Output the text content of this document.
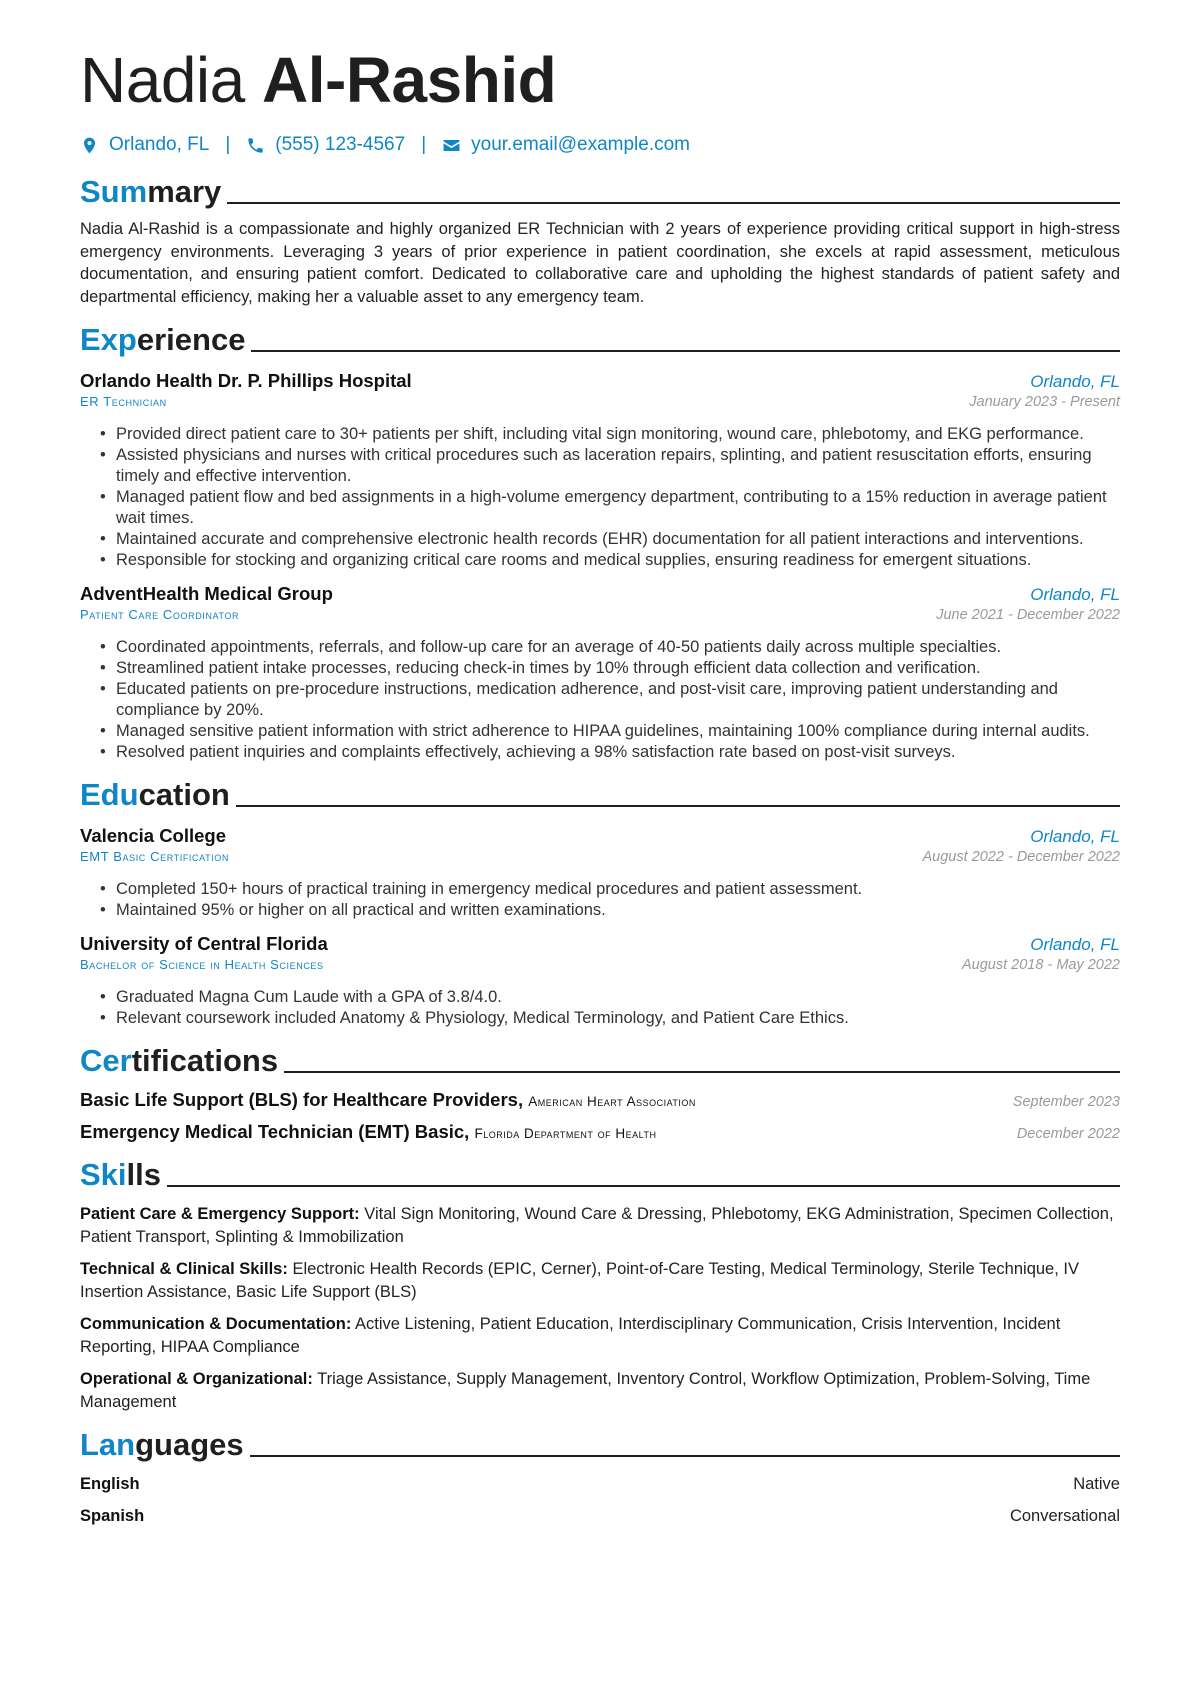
Nadia Al-Rashid
Orlando, FL | (555) 123-4567 | your.email@example.com
Summary

Nadia Al-Rashid is a compassionate and highly organized ER Technician with 2 years of experience providing critical support in high-stress emergency environments. Leveraging 3 years of prior experience in patient coordination, she excels at rapid assessment, meticulous documentation, and ensuring patient comfort. Dedicated to collaborative care and upholding the highest standards of patient safety and departmental efficiency, making her a valuable asset to any emergency team.

Experience
Orlando Health Dr. P. Phillips Hospital	Orlando, FL
ER Technician	January 2023 - Present
• Provided direct patient care to 30+ patients per shift, including vital sign monitoring, wound care, phlebotomy, and EKG performance.
• Assisted physicians and nurses with critical procedures such as laceration repairs, splinting, and patient resuscitation efforts, ensuring timely and effective intervention.
• Managed patient flow and bed assignments in a high-volume emergency department, contributing to a 15% reduction in average patient wait times.
• Maintained accurate and comprehensive electronic health records (EHR) documentation for all patient interactions and interventions.
• Responsible for stocking and organizing critical care rooms and medical supplies, ensuring readiness for emergent situations.
AdventHealth Medical Group	Orlando, FL
Patient Care Coordinator	June 2021 - December 2022
• Coordinated appointments, referrals, and follow-up care for an average of 40-50 patients daily across multiple specialties.
• Streamlined patient intake processes, reducing check-in times by 10% through efficient data collection and verification.
• Educated patients on pre-procedure instructions, medication adherence, and post-visit care, improving patient understanding and compliance by 20%.
• Managed sensitive patient information with strict adherence to HIPAA guidelines, maintaining 100% compliance during internal audits.
• Resolved patient inquiries and complaints effectively, achieving a 98% satisfaction rate based on post-visit surveys.
Education
Valencia College	Orlando, FL
EMT Basic Certification	August 2022 - December 2022
• Completed 150+ hours of practical training in emergency medical procedures and patient assessment.
• Maintained 95% or higher on all practical and written examinations.
University of Central Florida	Orlando, FL
Bachelor of Science in Health Sciences	August 2018 - May 2022
• Graduated Magna Cum Laude with a GPA of 3.8/4.0.
• Relevant coursework included Anatomy & Physiology, Medical Terminology, and Patient Care Ethics.
Certifications
Basic Life Support (BLS) for Healthcare Providers, American Heart Association	September 2023
Emergency Medical Technician (EMT) Basic, Florida Department of Health	December 2022
Skills

Patient Care & Emergency Support: Vital Sign Monitoring, Wound Care & Dressing, Phlebotomy, EKG Administration, Specimen Collection, Patient Transport, Splinting & Immobilization

Technical & Clinical Skills: Electronic Health Records (EPIC, Cerner), Point-of-Care Testing, Medical Terminology, Sterile Technique, IV Insertion Assistance, Basic Life Support (BLS)

Communication & Documentation: Active Listening, Patient Education, Interdisciplinary Communication, Crisis Intervention, Incident Reporting, HIPAA Compliance

Operational & Organizational: Triage Assistance, Supply Management, Inventory Control, Workflow Optimization, Problem-Solving, Time Management

Languages
English	Native
Spanish	Conversational
